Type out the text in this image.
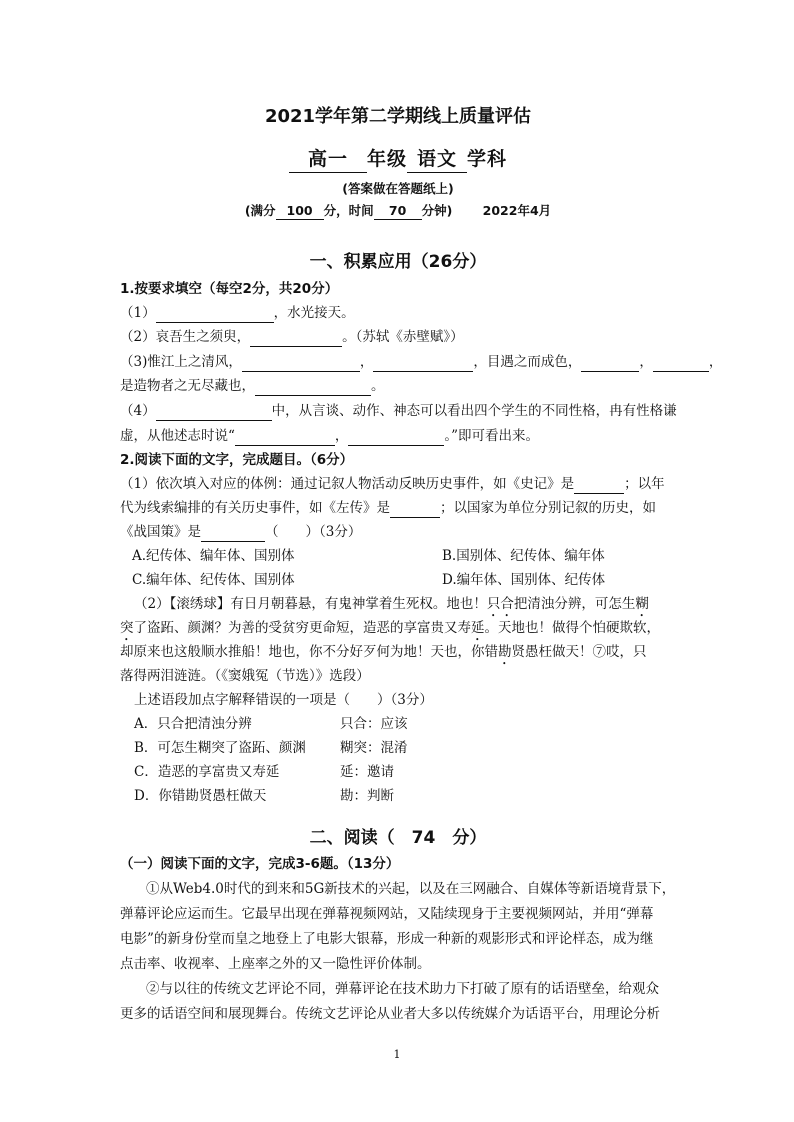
2021学年第二学期线上质量评估
高一 年级 语文 学科
(答案做在答题纸上)
(满分 100 分，时间 70 分钟) 2022年4月
一、积累应用（26分）
1.按要求填空（每空2分，共20分）
（1）	，水光接天。
（2）哀吾生之须臾，	。（苏轼《赤壁赋》）
（3)惟江上之清风，	，	，目遇之而成色，	，	，
是造物者之无尽藏也，	。
（4）	中，从言谈、动作、神态可以看出四个学生的不同性格，冉有性格谦
虚，从他述志时说“	，	。”即可看出来。
2.阅读下面的文字，完成题目。（6分）
（1）依次填入对应的体例：通过记叙人物活动反映历史事件，如《史记》是	；以年
代为线索编排的有关历史事件，如《左传》是	；以国家为单位分别记叙的历史，如
《战国策》是	（　　）（3分）
A.纪传体、编年体、国别体	B.国别体、纪传体、编年体
C.编年体、纪传体、国别体	D.编年体、国别体、纪传体
（2）【滚绣球】有日月朝暮悬，有鬼神掌着生死权。地也！只合把清浊分辨，可怎生糊
突了盗跖、颜渊？为善的受贫穷更命短，造恶的享富贵又寿延。天地也！做得个怕硬欺软，
却原来也这般顺水推船！地也，你不分好歹何为地！天也，你错勘贤愚枉做天！⑦哎，只
落得两泪涟涟。（《窦娥冤（节选）》选段）
上述语段加点字解释错误的一项是（　　）（3分）
A．只合把清浊分辨	只合：应该
B．可怎生糊突了盗跖、颜渊	糊突：混淆
C．造恶的享富贵又寿延	延：邀请
D．你错勘贤愚枉做天	勘：判断
二、阅读（　74　分）
（一）阅读下面的文字，完成3-6题。（13分）
①从Web4.0时代的到来和5G新技术的兴起，以及在三网融合、自媒体等新语境背景下，
弹幕评论应运而生。它最早出现在弹幕视频网站，又陆续现身于主要视频网站，并用“弹幕
电影”的新身份堂而皇之地登上了电影大银幕，形成一种新的观影形式和评论样态，成为继
点击率、收视率、上座率之外的又一隐性评价体制。
②与以往的传统文艺评论不同，弹幕评论在技术助力下打破了原有的话语壁垒，给观众
更多的话语空间和展现舞台。传统文艺评论从业者大多以传统媒介为话语平台，用理论分析
1
